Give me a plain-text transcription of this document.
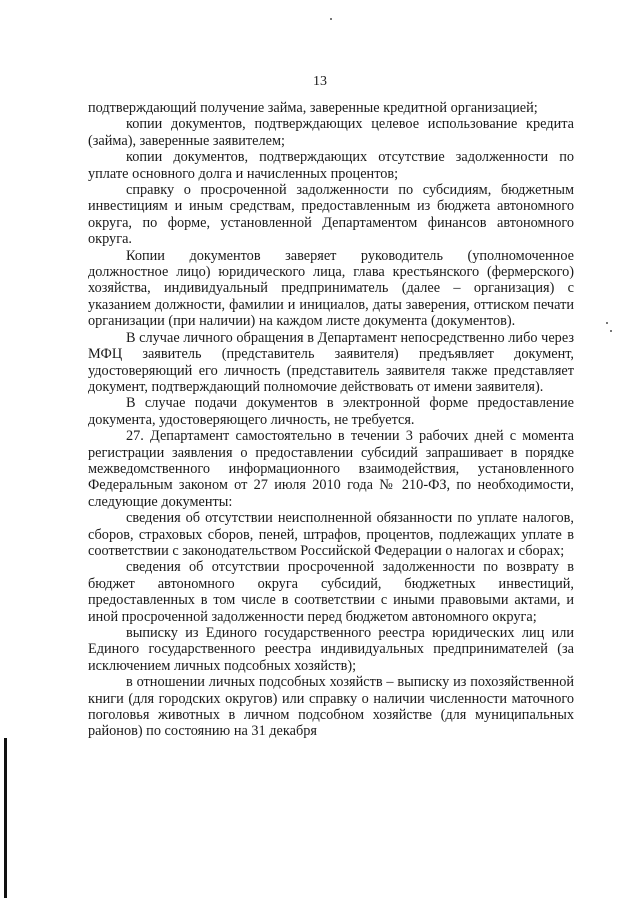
13

подтверждающий получение займа, заверенные кредитной организацией;

копии документов, подтверждающих целевое использование кредита (займа), заверенные заявителем;

копии документов, подтверждающих отсутствие задолженности по уплате основного долга и начисленных процентов;

справку о просроченной задолженности по субсидиям, бюджетным инвестициям и иным средствам, предоставленным из бюджета автономного округа, по форме, установленной Департаментом финансов автономного округа.

Копии документов заверяет руководитель (уполномоченное должностное лицо) юридического лица, глава крестьянского (фермерского) хозяйства, индивидуальный предприниматель (далее – организация) с указанием должности, фамилии и инициалов, даты заверения, оттиском печати организации (при наличии) на каждом листе документа (документов).

В случае личного обращения в Департамент непосредственно либо через МФЦ заявитель (представитель заявителя) предъявляет документ, удостоверяющий его личность (представитель заявителя также представляет документ, подтверждающий полномочие действовать от имени заявителя).

В случае подачи документов в электронной форме предоставление документа, удостоверяющего личность, не требуется.

27. Департамент самостоятельно в течении 3 рабочих дней с момента регистрации заявления о предоставлении субсидий запрашивает в порядке межведомственного информационного взаимодействия, установленного Федеральным законом от 27 июля 2010 года № 210-ФЗ, по необходимости, следующие документы:

сведения об отсутствии неисполненной обязанности по уплате налогов, сборов, страховых сборов, пеней, штрафов, процентов, подлежащих уплате в соответствии с законодательством Российской Федерации о налогах и сборах;

сведения об отсутствии просроченной задолженности по возврату в бюджет автономного округа субсидий, бюджетных инвестиций, предоставленных в том числе в соответствии с иными правовыми актами, и иной просроченной задолженности перед бюджетом автономного округа;

выписку из Единого государственного реестра юридических лиц или Единого государственного реестра индивидуальных предпринимателей (за исключением личных подсобных хозяйств);

в отношении личных подсобных хозяйств – выписку из похозяйственной книги (для городских округов) или справку о наличии численности маточного поголовья животных в личном подсобном хозяйстве (для муниципальных районов) по состоянию на 31 декабря
